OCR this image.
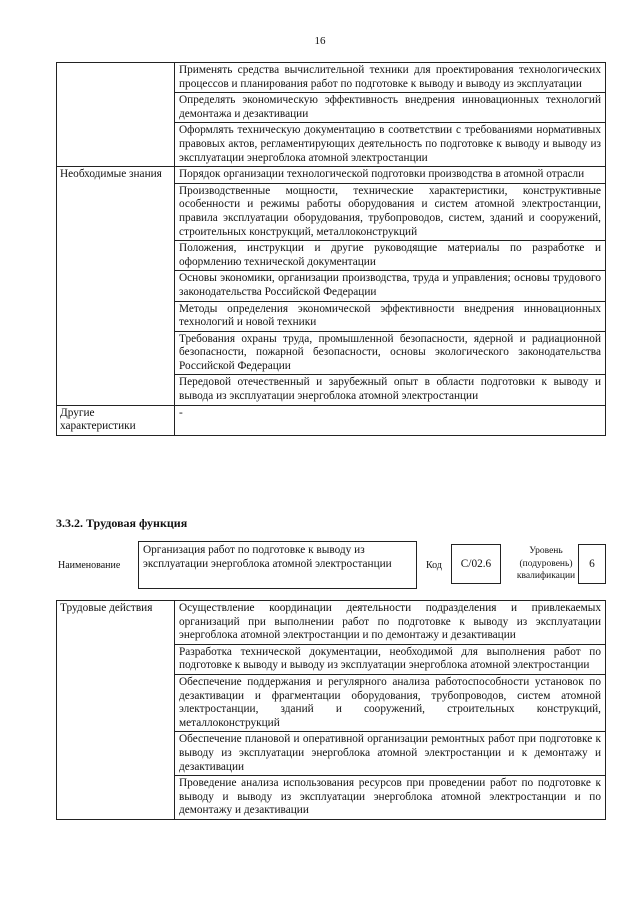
16
	Применять средства вычислительной техники для проектирования технологических процессов и планирования работ по подготовке к выводу и выводу из эксплуатации
	Определять экономическую эффективность внедрения инновационных технологий демонтажа и дезактивации
	Оформлять техническую документацию в соответствии с требованиями нормативных правовых актов, регламентирующих деятельность по подготовке к выводу и выводу из эксплуатации энергоблока атомной электростанции
Необходимые знания	Порядок организации технологической подготовки производства в атомной отрасли
	Производственные мощности, технические характеристики, конструктивные особенности и режимы работы оборудования и систем атомной электростанции, правила эксплуатации оборудования, трубопроводов, систем, зданий и сооружений, строительных конструкций, металлоконструкций
	Положения, инструкции и другие руководящие материалы по разработке и оформлению технической документации
	Основы экономики, организации производства, труда и управления; основы трудового законодательства Российской Федерации
	Методы определения экономической эффективности внедрения инновационных технологий и новой техники
	Требования охраны труда, промышленной безопасности, ядерной и радиационной безопасности, пожарной безопасности, основы экологического законодательства Российской Федерации
	Передовой отечественный и зарубежный опыт в области подготовки к выводу и вывода из эксплуатации энергоблока атомной электростанции
Другие характеристики	-
3.3.2. Трудовая функция
Наименование
Организация работ по подготовке к выводу из эксплуатации энергоблока атомной электростанции	Код	C/02.6
Уровень (подуровень) квалификации
6
Трудовые действия	Осуществление координации деятельности подразделения и привлекаемых организаций при выполнении работ по подготовке к выводу из эксплуатации энергоблока атомной электростанции и по демонтажу и дезактивации
Разработка технической документации, необходимой для выполнения работ по подготовке к выводу и выводу из эксплуатации энергоблока атомной электростанции
Обеспечение поддержания и регулярного анализа работоспособности установок по дезактивации и фрагментации оборудования, трубопроводов, систем атомной электростанции, зданий и сооружений, строительных конструкций, металлоконструкций
Обеспечение плановой и оперативной организации ремонтных работ при подготовке к выводу из эксплуатации энергоблока атомной электростанции и к демонтажу и дезактивации
Проведение анализа использования ресурсов при проведении работ по подготовке к выводу и выводу из эксплуатации энергоблока атомной электростанции и по демонтажу и дезактивации
